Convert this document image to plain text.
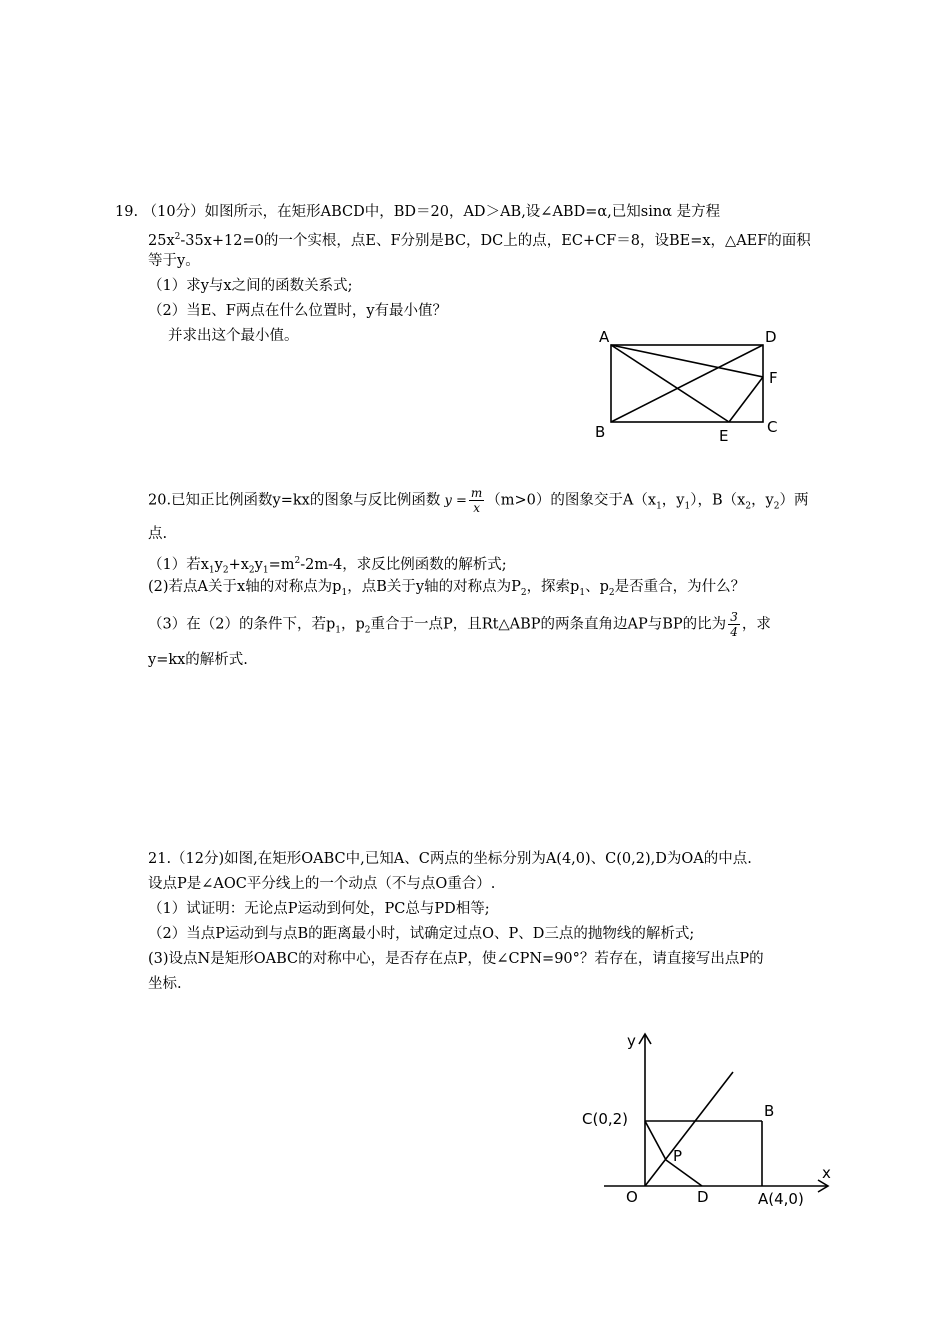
19. （10分）如图所示，在矩形ABCD中，BD＝20，AD＞AB,设∠ABD=α,已知sinα 是方程
$25x^2-35x+12=0$的一个实根，点E、F分别是BC，DC上的点，EC+CF＝8，设BE=x，△AEF的面积
等于y。
（1）求y与x之间的函数关系式;
（2）当E、F两点在什么位置时，y有最小值？
并求出这个最小值。	A	D
F
B	E	C
20.已知正比例函数y=kx的图象与反比例函数 $y = \frac{m}{x} (m>0)$的图象交于$A(x_1$，$y_1$），$B(x_2$，$y_2$）两
点.
（1）若$x_1y_2+x_2y_1=m^2-2m-4$，求反比例函数的解析式;
(2)若点A关于x轴的对称点为$p_1$，点B关于y轴的对称点为$P_2$，探索$p_1$、$p_2$是否重合，为什么？
（3）在（2）的条件下，若$p_1$，$p_2$重合于一点P，且Rt△ABP的两条直角边AP与BP的比为 $\frac{3}{4}$ ，求
y=kx的解析式.
21.（12分)如图,在矩形OABC中,已知A、C两点的坐标分别为A(4,0)、C(0,2),D为OA的中点.
设点P是∠AOC平分线上的一个动点（不与点O重合）.
（1）试证明：无论点P运动到何处，PC总与PD相等;
（2）当点P运动到与点B的距离最小时，试确定过点O、P、D三点的抛物线的解析式;
(3)设点N是矩形OABC的对称中心，是否存在点P，使∠CPN=90°？若存在，请直接写出点P的
坐标.
y
x
C(0,2)	B
P
O	D	A(4,0)
